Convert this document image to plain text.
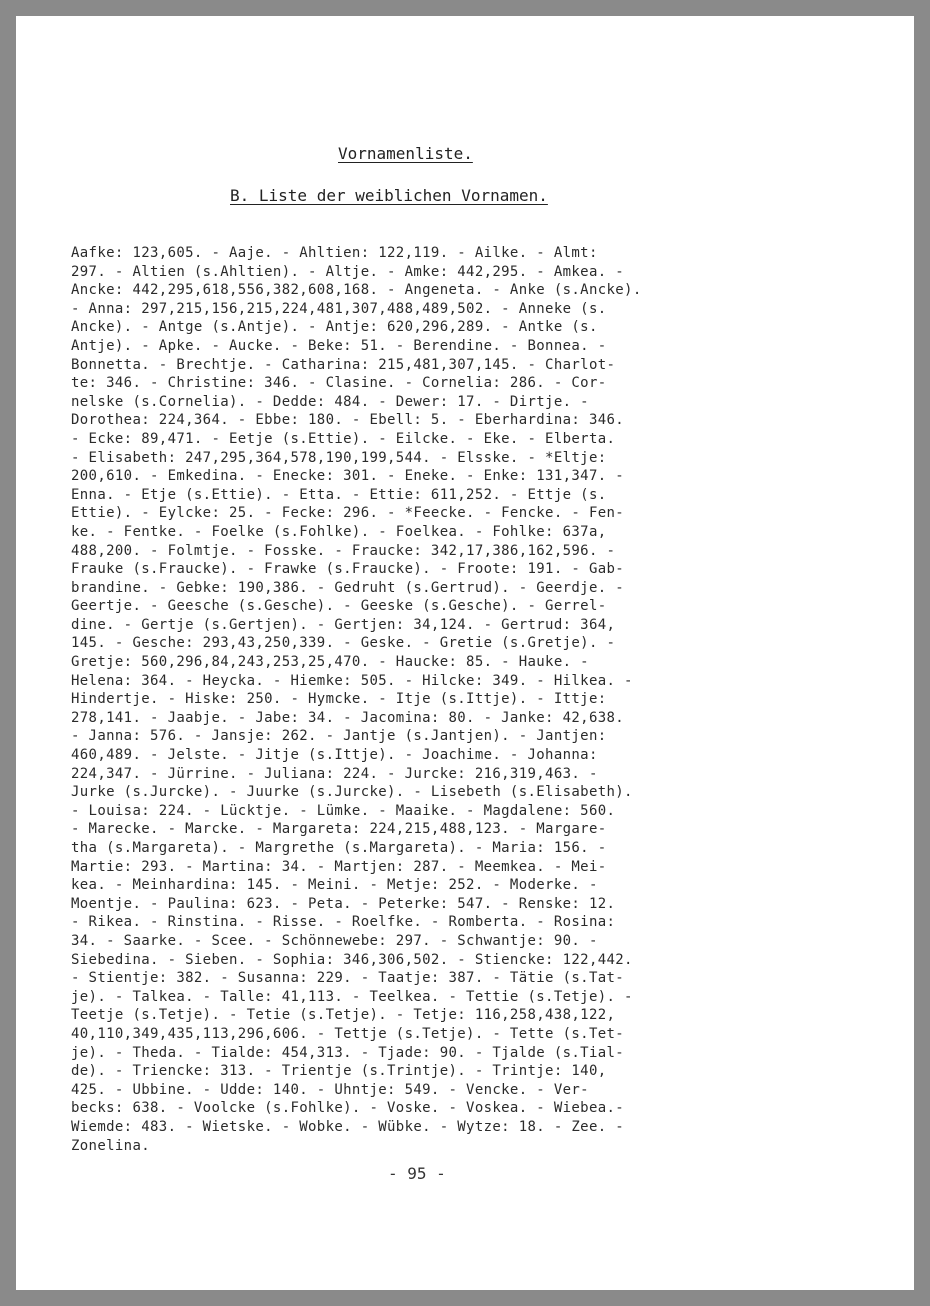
Vornamenliste.
B. Liste der weiblichen Vornamen.
Aafke: 123,605. - Aaje. - Ahltien: 122,119. - Ailke. - Almt:
297. - Altien (s.Ahltien). - Altje. - Amke: 442,295. - Amkea. -
Ancke: 442,295,618,556,382,608,168. - Angeneta. - Anke (s.Ancke).
- Anna: 297,215,156,215,224,481,307,488,489,502. - Anneke (s.
Ancke). - Antge (s.Antje). - Antje: 620,296,289. - Antke (s.
Antje). - Apke. - Aucke. - Beke: 51. - Berendine. - Bonnea. -
Bonnetta. - Brechtje. - Catharina: 215,481,307,145. - Charlot-
te: 346. - Christine: 346. - Clasine. - Cornelia: 286. - Cor-
nelske (s.Cornelia). - Dedde: 484. - Dewer: 17. - Dirtje. -
Dorothea: 224,364. - Ebbe: 180. - Ebell: 5. - Eberhardina: 346.
- Ecke: 89,471. - Eetje (s.Ettie). - Eilcke. - Eke. - Elberta.
- Elisabeth: 247,295,364,578,190,199,544. - Elsske. - *Eltje:
200,610. - Emkedina. - Enecke: 301. - Eneke. - Enke: 131,347. -
Enna. - Etje (s.Ettie). - Etta. - Ettie: 611,252. - Ettje (s.
Ettie). - Eylcke: 25. - Fecke: 296. - *Feecke. - Fencke. - Fen-
ke. - Fentke. - Foelke (s.Fohlke). - Foelkea. - Fohlke: 637a,
488,200. - Folmtje. - Fosske. - Fraucke: 342,17,386,162,596. -
Frauke (s.Fraucke). - Frawke (s.Fraucke). - Froote: 191. - Gab-
brandine. - Gebke: 190,386. - Gedruht (s.Gertrud). - Geerdje. -
Geertje. - Geesche (s.Gesche). - Geeske (s.Gesche). - Gerrel-
dine. - Gertje (s.Gertjen). - Gertjen: 34,124. - Gertrud: 364,
145. - Gesche: 293,43,250,339. - Geske. - Gretie (s.Gretje). -
Gretje: 560,296,84,243,253,25,470. - Haucke: 85. - Hauke. -
Helena: 364. - Heycka. - Hiemke: 505. - Hilcke: 349. - Hilkea. -
Hindertje. - Hiske: 250. - Hymcke. - Itje (s.Ittje). - Ittje:
278,141. - Jaabje. - Jabe: 34. - Jacomina: 80. - Janke: 42,638.
- Janna: 576. - Jansje: 262. - Jantje (s.Jantjen). - Jantjen:
460,489. - Jelste. - Jitje (s.Ittje). - Joachime. - Johanna:
224,347. - Jürrine. - Juliana: 224. - Jurcke: 216,319,463. -
Jurke (s.Jurcke). - Juurke (s.Jurcke). - Lisebeth (s.Elisabeth).
- Louisa: 224. - Lücktje. - Lümke. - Maaike. - Magdalene: 560.
- Marecke. - Marcke. - Margareta: 224,215,488,123. - Margare-
tha (s.Margareta). - Margrethe (s.Margareta). - Maria: 156. -
Martie: 293. - Martina: 34. - Martjen: 287. - Meemkea. - Mei-
kea. - Meinhardina: 145. - Meini. - Metje: 252. - Moderke. -
Moentje. - Paulina: 623. - Peta. - Peterke: 547. - Renske: 12.
- Rikea. - Rinstina. - Risse. - Roelfke. - Romberta. - Rosina:
34. - Saarke. - Scee. - Schönnewebe: 297. - Schwantje: 90. -
Siebedina. - Sieben. - Sophia: 346,306,502. - Stiencke: 122,442.
- Stientje: 382. - Susanna: 229. - Taatje: 387. - Tätie (s.Tat-
je). - Talkea. - Talle: 41,113. - Teelkea. - Tettie (s.Tetje). -
Teetje (s.Tetje). - Tetie (s.Tetje). - Tetje: 116,258,438,122,
40,110,349,435,113,296,606. - Tettje (s.Tetje). - Tette (s.Tet-
je). - Theda. - Tialde: 454,313. - Tjade: 90. - Tjalde (s.Tial-
de). - Triencke: 313. - Trientje (s.Trintje). - Trintje: 140,
425. - Ubbine. - Udde: 140. - Uhntje: 549. - Vencke. - Ver-
becks: 638. - Voolcke (s.Fohlke). - Voske. - Voskea. - Wiebea.-
Wiemde: 483. - Wietske. - Wobke. - Wübke. - Wytze: 18. - Zee. -
Zonelina.
- 95 -
